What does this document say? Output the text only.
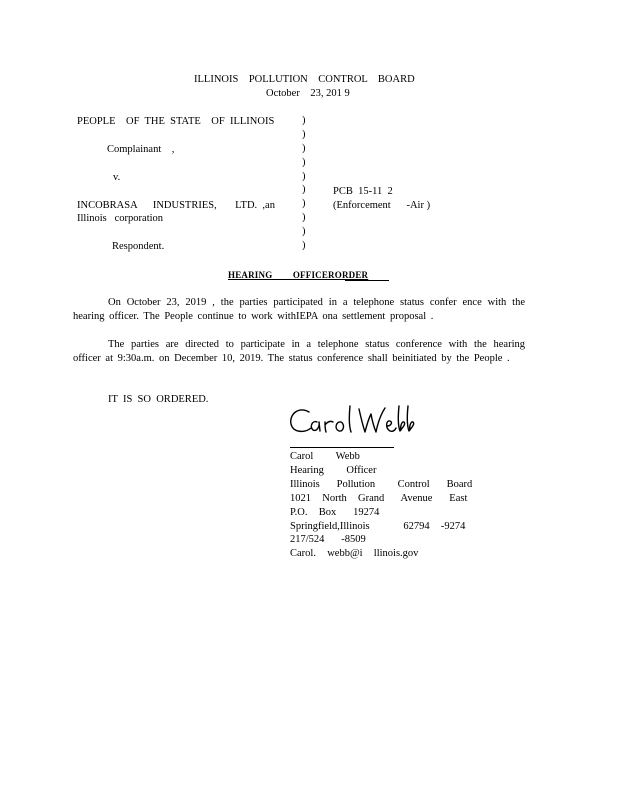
ILLINOIS    POLLUTION    CONTROL    BOARD
October    23, 201 9
PEOPLE    OF  THE  STATE    OF  ILLINOIS
Complainant    ,
v.
INCOBRASA      INDUSTRIES,       LTD.  ,an
Illinois   corporation
Respondent.
)
)
)
)
)
)
)
)
)
)
PCB  15-11  2
(Enforcement      -Air )
HEARING OFFICERORDER
On October 23, 2019 , the parties participated in a telephone status confer ence with the hearing officer. The People continue to work withIEPA ona settlement proposal .
The parties are directed to participate in a telephone status conference with the hearing officer at 9:30a.m. on December 10, 2019. The status conference shall beinitiated by the People .
IT  IS  SO  ORDERED.
Carol    Webb
Hearing    Officer
Illinois   Pollution    Control   Board
1021  North  Grand   Avenue   East
P.O.  Box   19274
Springfield,Illinois      62794  -9274
217/524   -8509
Carol.  webb@i  llinois.gov
